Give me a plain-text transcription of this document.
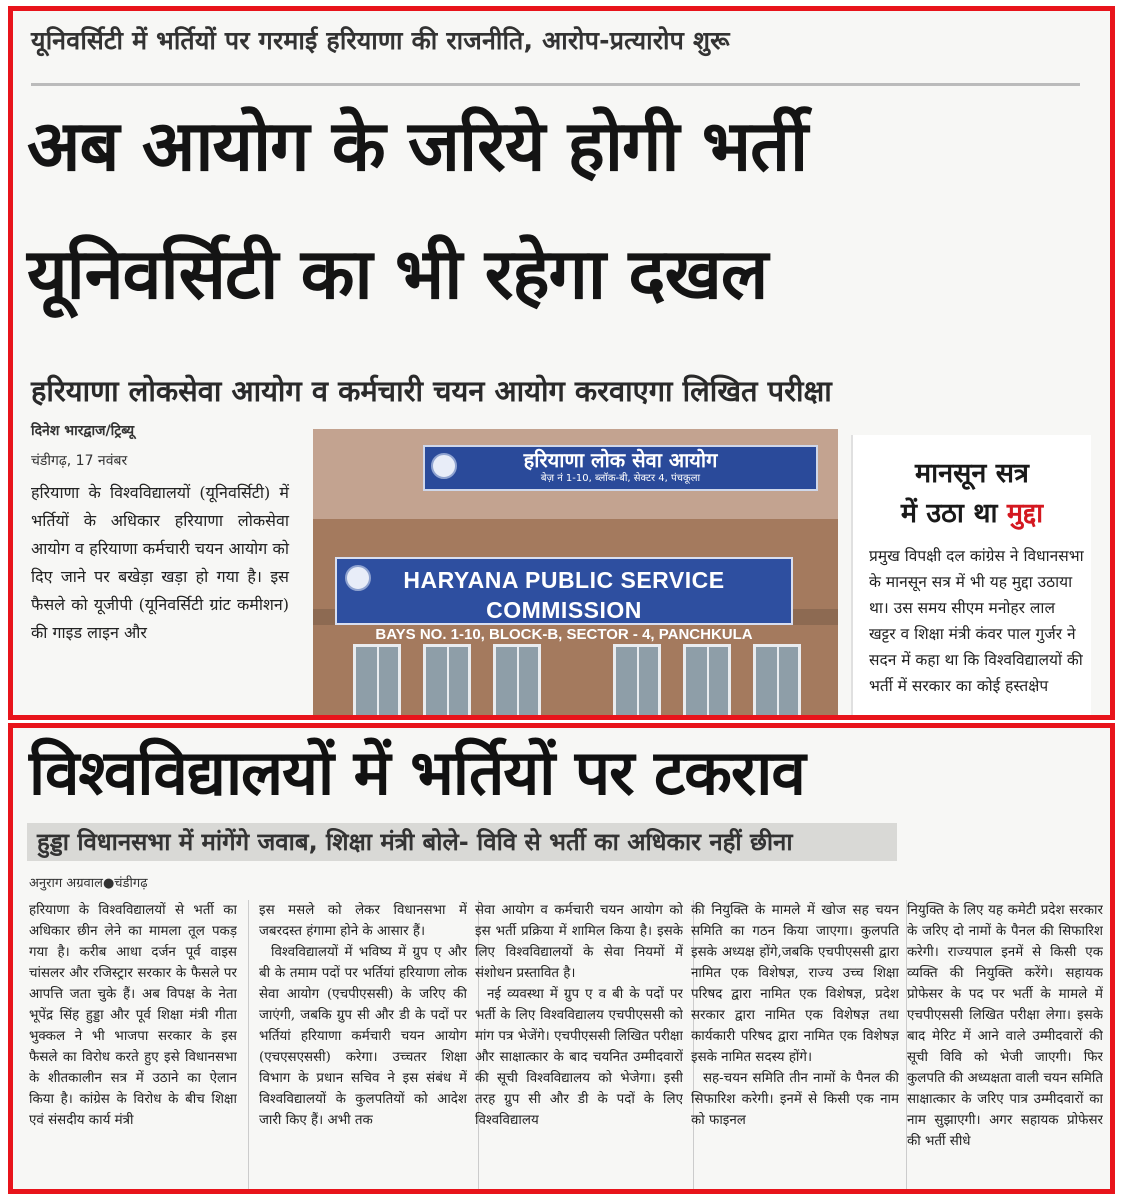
यूनिवर्सिटी में भर्तियों पर गरमाई हरियाणा की राजनीति, आरोप-प्रत्यारोप शुरू
अब आयोग के जरिये होगी भर्ती
यूनिवर्सिटी का भी रहेगा दखल
हरियाणा लोकसेवा आयोग व कर्मचारी चयन आयोग करवाएगा लिखित परीक्षा
दिनेश भारद्वाज/ट्रिब्यू
चंडीगढ़, 17 नवंबर
हरियाणा के विश्वविद्यालयों (यूनिवर्सिटी) में भर्तियों के अधिकार हरियाणा लोकसेवा आयोग व हरियाणा कर्मचारी चयन आयोग को दिए जाने पर बखेड़ा खड़ा हो गया है। इस फैसले को यूजीपी (यूनिवर्सिटी ग्रांट कमीशन) की गाइड लाइन और
हरियाणा लोक सेवा आयोग
बेज़ नं 1-10, ब्लॉक-बी, सेक्टर 4, पंचकूला
HARYANA PUBLIC SERVICE COMMISSION
BAYS NO. 1-10, BLOCK-B, SECTOR - 4, PANCHKULA
मानसून सत्र
में उठा था मुद्दा
प्रमुख विपक्षी दल कांग्रेस ने विधानसभा के मानसून सत्र में भी यह मुद्दा उठाया था। उस समय सीएम मनोहर लाल खट्टर व शिक्षा मंत्री कंवर पाल गुर्जर ने सदन में कहा था कि विश्वविद्यालयों की भर्ती में सरकार का कोई हस्तक्षेप
विश्वविद्यालयों में भर्तियों पर टकराव
हुड्डा विधानसभा में मांगेंगे जवाब, शिक्षा मंत्री बोले- विवि से भर्ती का अधिकार नहीं छीना
अनुराग अग्रवाल●चंडीगढ़

हरियाणा के विश्वविद्यालयों से भर्ती का अधिकार छीन लेने का मामला तूल पकड़ गया है। करीब आधा दर्जन पूर्व वाइस चांसलर और रजिस्ट्रार सरकार के फैसले पर आपत्ति जता चुके हैं। अब विपक्ष के नेता भूपेंद्र सिंह हुड्डा और पूर्व शिक्षा मंत्री गीता भुक्कल ने भी भाजपा सरकार के इस फैसले का विरोध करते हुए इसे विधानसभा के शीतकालीन सत्र में उठाने का ऐलान किया है। कांग्रेस के विरोध के बीच शिक्षा एवं संसदीय कार्य मंत्री

इस मसले को लेकर विधानसभा में जबरदस्त हंगामा होने के आसार हैं।

विश्वविद्यालयों में भविष्य में ग्रुप ए और बी के तमाम पदों पर भर्तियां हरियाणा लोक सेवा आयोग (एचपीएससी) के जरिए की जाएंगी, जबकि ग्रुप सी और डी के पदों पर भर्तियां हरियाणा कर्मचारी चयन आयोग (एचएसएससी) करेगा। उच्चतर शिक्षा विभाग के प्रधान सचिव ने इस संबंध में विश्वविद्यालयों के कुलपतियों को आदेश जारी किए हैं। अभी तक

सेवा आयोग व कर्मचारी चयन आयोग को इस भर्ती प्रक्रिया में शामिल किया है। इसके लिए विश्वविद्यालयों के सेवा नियमों में संशोधन प्रस्तावित है।

नई व्यवस्था में ग्रुप ए व बी के पदों पर भर्ती के लिए विश्वविद्यालय एचपीएससी को मांग पत्र भेजेंगे। एचपीएससी लिखित परीक्षा और साक्षात्कार के बाद चयनित उम्मीदवारों की सूची विश्वविद्यालय को भेजेगा। इसी तरह ग्रुप सी और डी के पदों के लिए विश्वविद्यालय

की नियुक्ति के मामले में खोज सह चयन समिति का गठन किया जाएगा। कुलपति इसके अध्यक्ष होंगे,जबकि एचपीएससी द्वारा नामित एक विशेषज्ञ, राज्य उच्च शिक्षा परिषद द्वारा नामित एक विशेषज्ञ, प्रदेश सरकार द्वारा नामित एक विशेषज्ञ तथा कार्यकारी परिषद द्वारा नामित एक विशेषज्ञ इसके नामित सदस्य होंगे।

सह-चयन समिति तीन नामों के पैनल की सिफारिश करेगी। इनमें से किसी एक नाम को फाइनल

नियुक्ति के लिए यह कमेटी प्रदेश सरकार के जरिए दो नामों के पैनल की सिफारिश करेगी। राज्यपाल इनमें से किसी एक व्यक्ति की नियुक्ति करेंगे। सहायक प्रोफेसर के पद पर भर्ती के मामले में एचपीएससी लिखित परीक्षा लेगा। इसके बाद मेरिट में आने वाले उम्मीदवारों की सूची विवि को भेजी जाएगी। फिर कुलपति की अध्यक्षता वाली चयन समिति साक्षात्कार के जरिए पात्र उम्मीदवारों का नाम सुझाएगी। अगर सहायक प्रोफेसर की भर्ती सीधे
